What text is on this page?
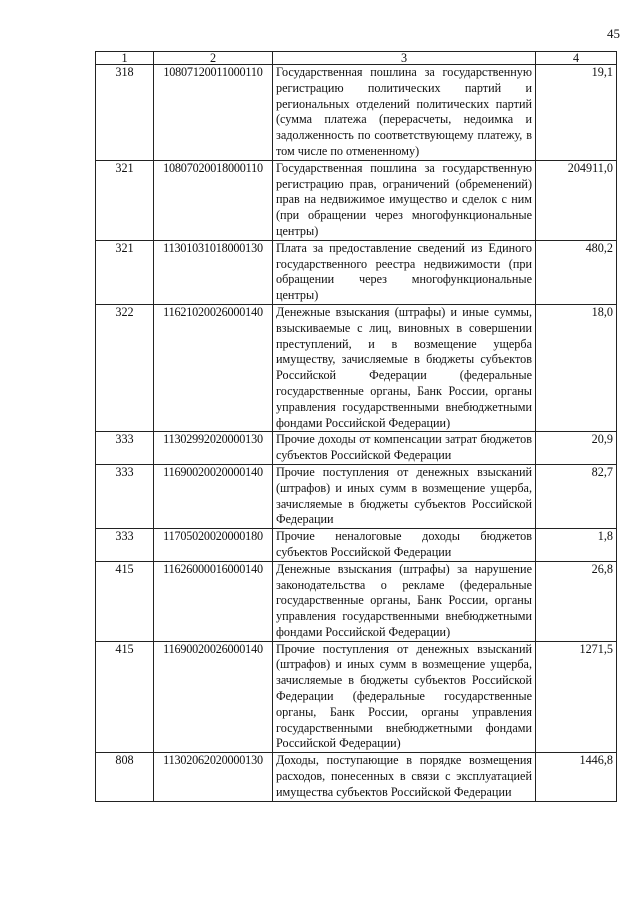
45
1	2	3	4
318	10807120011000110	Государственная пошлина за государственную регистрацию политических партий и региональных отделений политических партий (сумма платежа (перерасчеты, недоимка и задолженность по соответствующему платежу, в том числе по отмененному)	19,1
321	10807020018000110	Государственная пошлина за государственную регистрацию прав, ограничений (обременений) прав на недвижимое имущество и сделок с ним (при обращении через многофункциональные центры)	204911,0
321	11301031018000130	Плата за предоставление сведений из Единого государственного реестра недвижимости (при обращении через многофункциональные центры)	480,2
322	11621020026000140	Денежные взыскания (штрафы) и иные суммы, взыскиваемые с лиц, виновных в совершении преступлений, и в возмещение ущерба имуществу, зачисляемые в бюджеты субъектов Российской Федерации (федеральные государственные органы, Банк России, органы управления государственными внебюджетными фондами Российской Федерации)	18,0
333	11302992020000130	Прочие доходы от компенсации затрат бюджетов субъектов Российской Федерации	20,9
333	11690020020000140	Прочие поступления от денежных взысканий (штрафов) и иных сумм в возмещение ущерба, зачисляемые в бюджеты субъектов Российской Федерации	82,7
333	11705020020000180	Прочие неналоговые доходы бюджетов субъектов Российской Федерации	1,8
415	11626000016000140	Денежные взыскания (штрафы) за нарушение законодательства о рекламе (федеральные государственные органы, Банк России, органы управления государственными внебюджетными фондами Российской Федерации)	26,8
415	11690020026000140	Прочие поступления от денежных взысканий (штрафов) и иных сумм в возмещение ущерба, зачисляемые в бюджеты субъектов Российской Федерации (федеральные государственные органы, Банк России, органы управления государственными внебюджетными фондами Российской Федерации)	1271,5
808	11302062020000130	Доходы, поступающие в порядке возмещения расходов, понесенных в связи с эксплуатацией имущества субъектов Российской Федерации	1446,8
